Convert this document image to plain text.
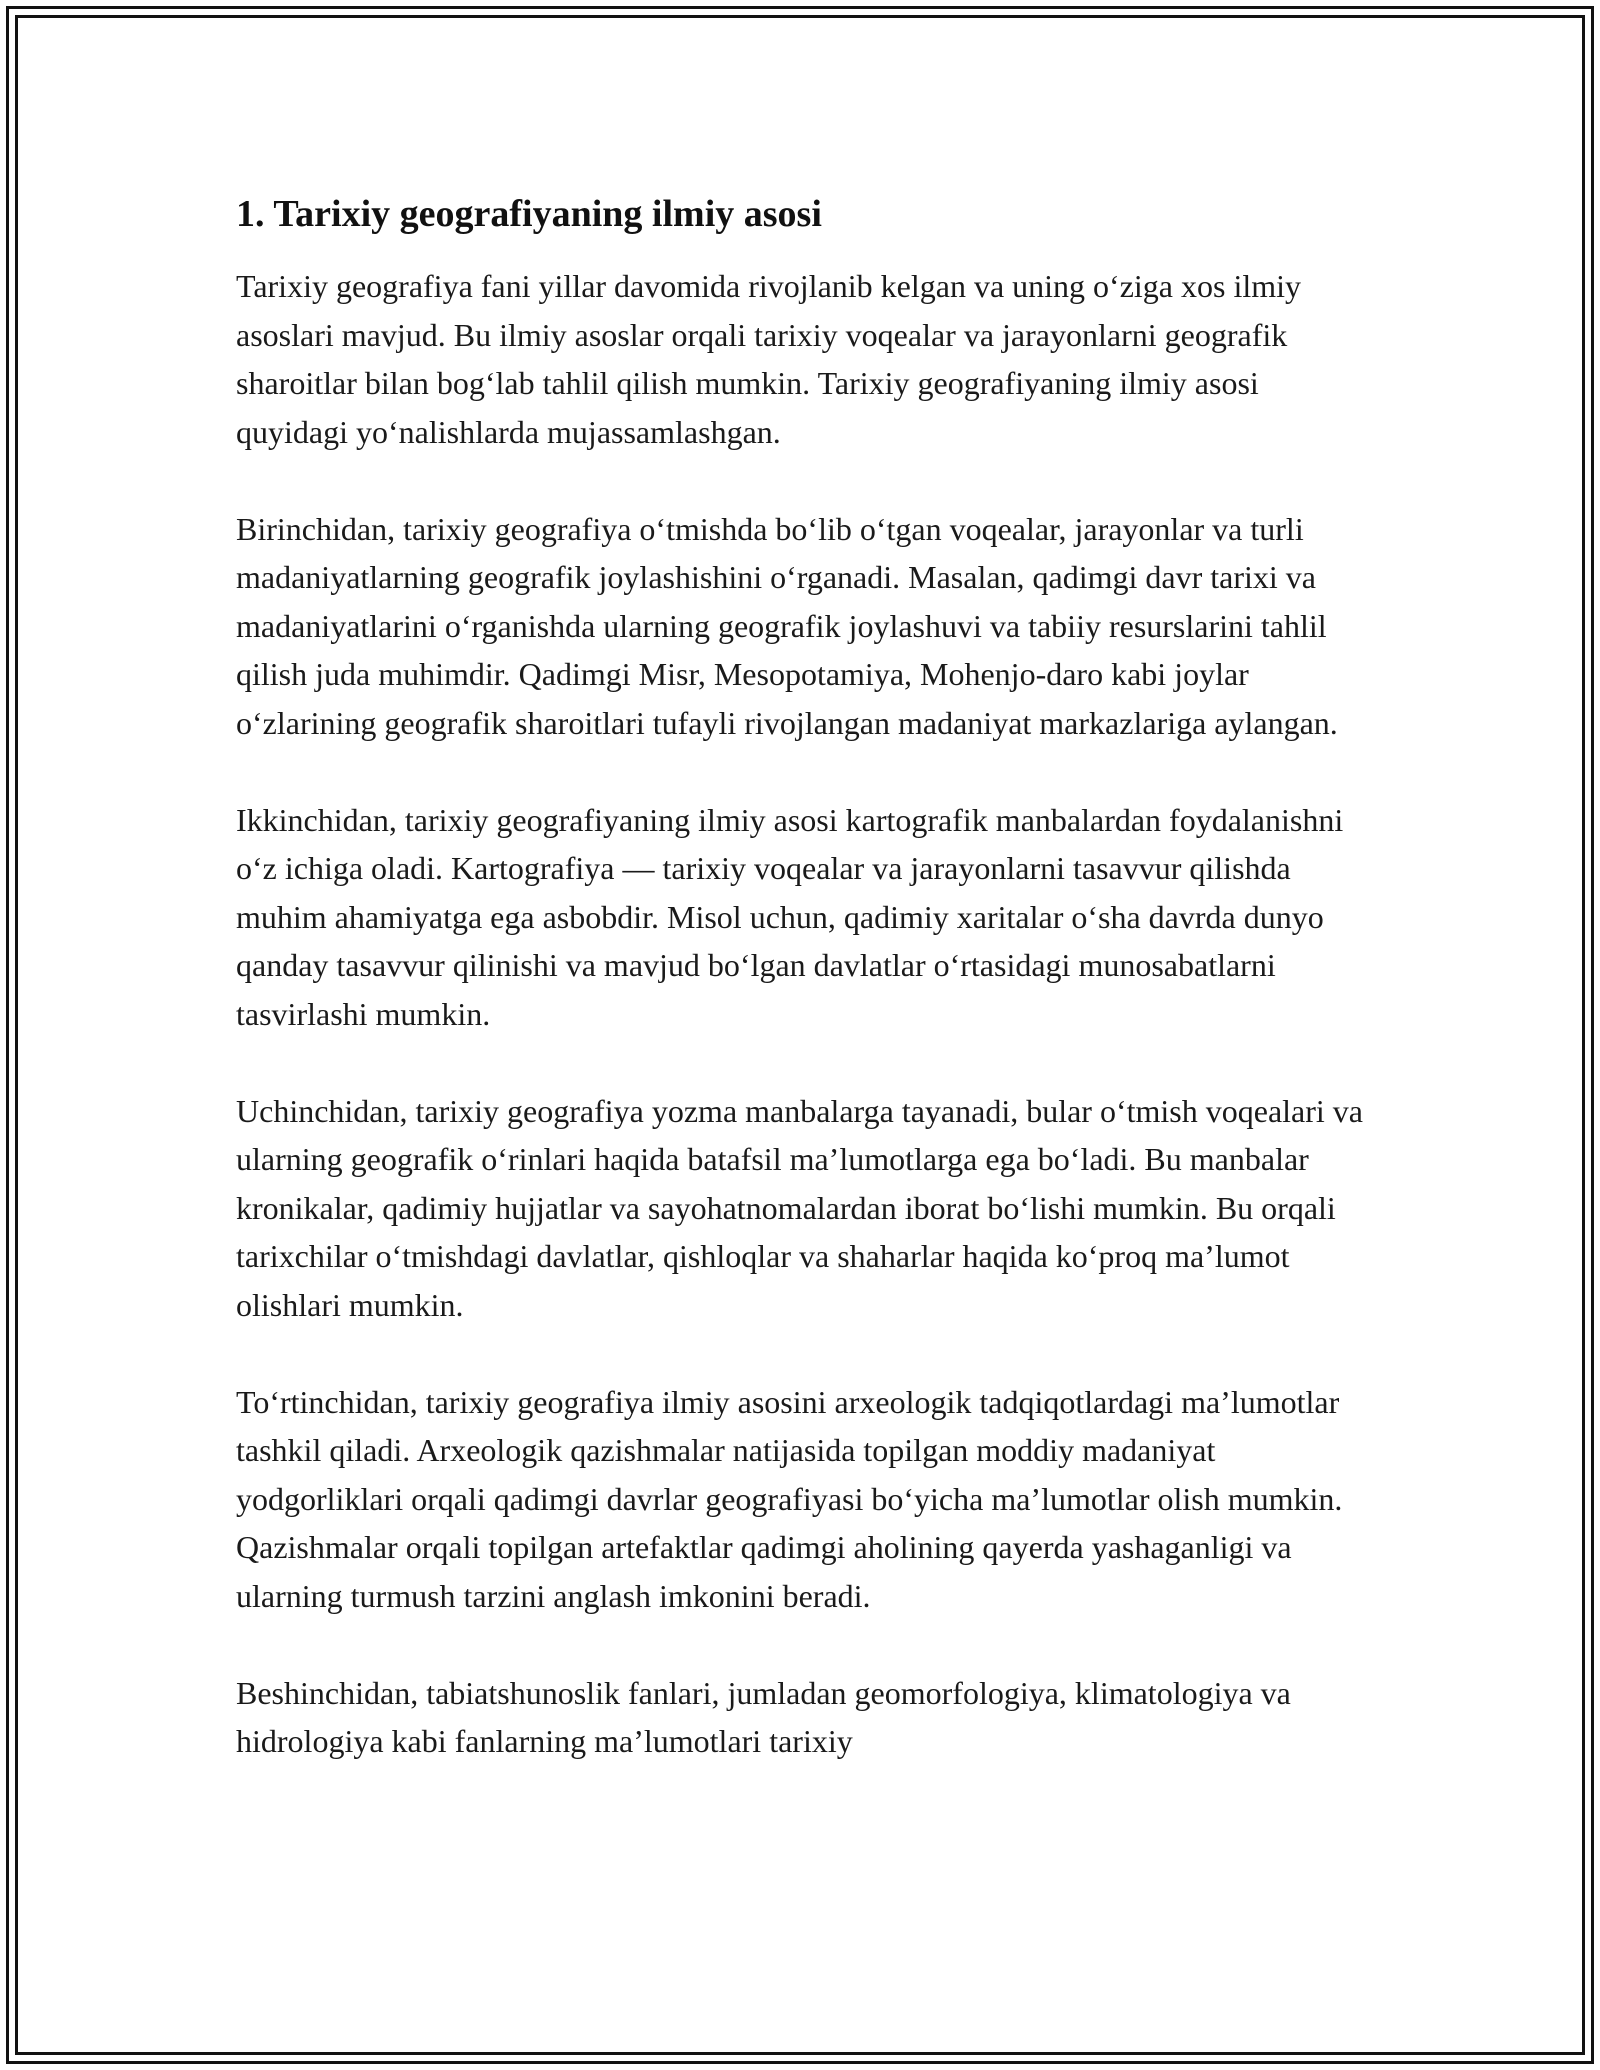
1. Tarixiy geografiyaning ilmiy asosi

Tarixiy geografiya fani yillar davomida rivojlanib kelgan va uning o‘ziga xos ilmiy asoslari mavjud. Bu ilmiy asoslar orqali tarixiy voqealar va jarayonlarni geografik sharoitlar bilan bog‘lab tahlil qilish mumkin. Tarixiy geografiyaning ilmiy asosi quyidagi yo‘nalishlarda mujassamlashgan.

Birinchidan, tarixiy geografiya o‘tmishda bo‘lib o‘tgan voqealar, jarayonlar va turli madaniyatlarning geografik joylashishini o‘rganadi. Masalan, qadimgi davr tarixi va madaniyatlarini o‘rganishda ularning geografik joylashuvi va tabiiy resurslarini tahlil qilish juda muhimdir. Qadimgi Misr, Mesopotamiya, Mohenjo-daro kabi joylar o‘zlarining geografik sharoitlari tufayli rivojlangan madaniyat markazlariga aylangan.

Ikkinchidan, tarixiy geografiyaning ilmiy asosi kartografik manbalardan foydalanishni o‘z ichiga oladi. Kartografiya — tarixiy voqealar va jarayonlarni tasavvur qilishda muhim ahamiyatga ega asbobdir. Misol uchun, qadimiy xaritalar o‘sha davrda dunyo qanday tasavvur qilinishi va mavjud bo‘lgan davlatlar o‘rtasidagi munosabatlarni tasvirlashi mumkin.

Uchinchidan, tarixiy geografiya yozma manbalarga tayanadi, bular o‘tmish voqealari va ularning geografik o‘rinlari haqida batafsil ma’lumotlarga ega bo‘ladi. Bu manbalar kronikalar, qadimiy hujjatlar va sayohatnomalardan iborat bo‘lishi mumkin. Bu orqali tarixchilar o‘tmishdagi davlatlar, qishloqlar va shaharlar haqida ko‘proq ma’lumot olishlari mumkin.

To‘rtinchidan, tarixiy geografiya ilmiy asosini arxeologik tadqiqotlardagi ma’lumotlar tashkil qiladi. Arxeologik qazishmalar natijasida topilgan moddiy madaniyat yodgorliklari orqali qadimgi davrlar geografiyasi bo‘yicha ma’lumotlar olish mumkin. Qazishmalar orqali topilgan artefaktlar qadimgi aholining qayerda yashaganligi va ularning turmush tarzini anglash imkonini beradi.

Beshinchidan, tabiatshunoslik fanlari, jumladan geomorfologiya, klimatologiya va hidrologiya kabi fanlarning ma’lumotlari tarixiy
